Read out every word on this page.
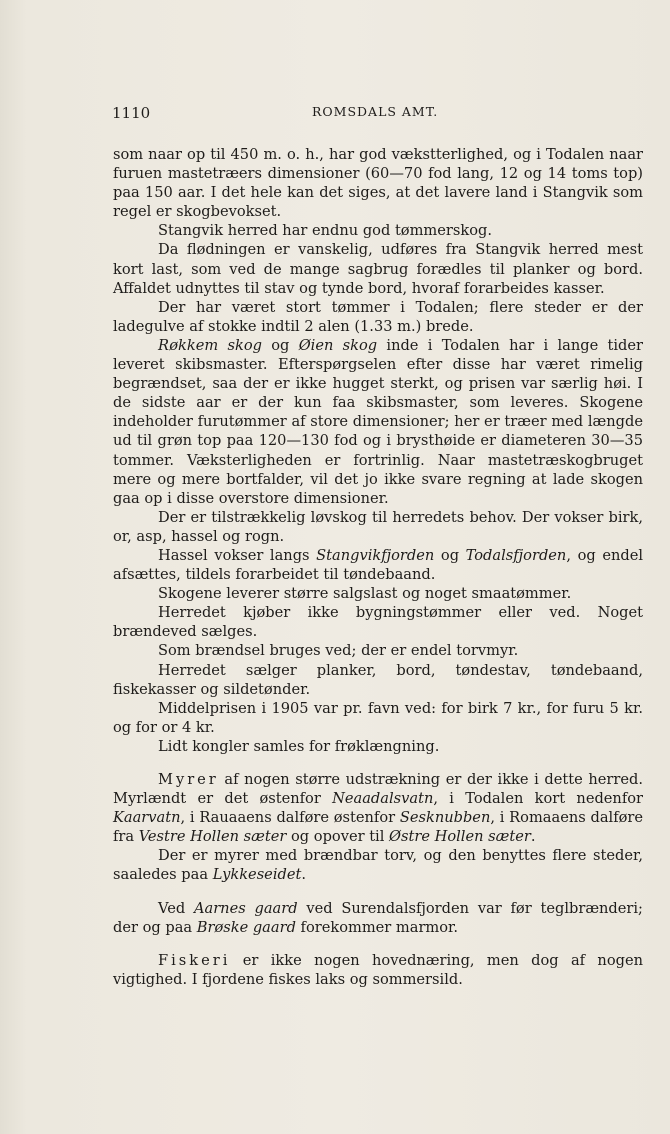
1110	ROMSDALS AMT.

som naar op til 450 m. o. h., har god vækstterlighed, og i Todalen naar furuen mastetræers dimensioner (60—70 fod lang, 12 og 14 toms top) paa 150 aar. I det hele kan det siges, at det lavere land i Stangvik som regel er skogbevokset.

Stangvik herred har endnu god tømmerskog.

Da flødningen er vanskelig, udføres fra Stangvik herred mest kort last, som ved de mange sagbrug forædles til planker og bord. Affaldet udnyttes til stav og tynde bord, hvoraf forarbeides kasser.

Der har været stort tømmer i Todalen; flere steder er der ladegulve af stokke indtil 2 alen (1.33 m.) brede.

Røkkem skog og Øien skog inde i Todalen har i lange tider leveret skibsmaster. Efterspørgselen efter disse har været rimelig begrændset, saa der er ikke hugget sterkt, og prisen var særlig høi. I de sidste aar er der kun faa skibsmaster, som leveres. Skogene indeholder furutømmer af store dimensioner; her er træer med længde ud til grøn top paa 120—130 fod og i brysthøide er diameteren 30—35 tommer. Væksterligheden er fortrinlig. Naar mastetræskogbruget mere og mere bortfalder, vil det jo ikke svare regning at lade skogen gaa op i disse overstore dimensioner.

Der er tilstrækkelig løvskog til herredets behov. Der vokser birk, or, asp, hassel og rogn.

Hassel vokser langs Stangvikfjorden og Todalsfjorden, og endel afsættes, tildels forarbeidet til tøndebaand.

Skogene leverer større salgslast og noget smaatømmer.

Herredet kjøber ikke bygningstømmer eller ved. Noget brændeved sælges.

Som brændsel bruges ved; der er endel torvmyr.

Herredet sælger planker, bord, tøndestav, tøndebaand, fiskekasser og sildetønder.

Middelprisen i 1905 var pr. favn ved: for birk 7 kr., for furu 5 kr. og for or 4 kr.

Lidt kongler samles for frøklængning.

Myrer af nogen større udstrækning er der ikke i dette herred. Myrlændt er det østenfor Neaadalsvatn, i Todalen kort nedenfor Kaarvatn, i Rauaaens dalføre østenfor Sesknubben, i Romaaens dalføre fra Vestre Hollen sæter og opover til Østre Hollen sæter.

Der er myrer med brændbar torv, og den benyttes flere steder, saaledes paa Lykkeseidet.

Ved Aarnes gaard ved Surendalsfjorden var før teglbrænderi; der og paa Brøske gaard forekommer marmor.

Fiskeri er ikke nogen hovednæring, men dog af nogen vigtighed. I fjordene fiskes laks og sommersild.
